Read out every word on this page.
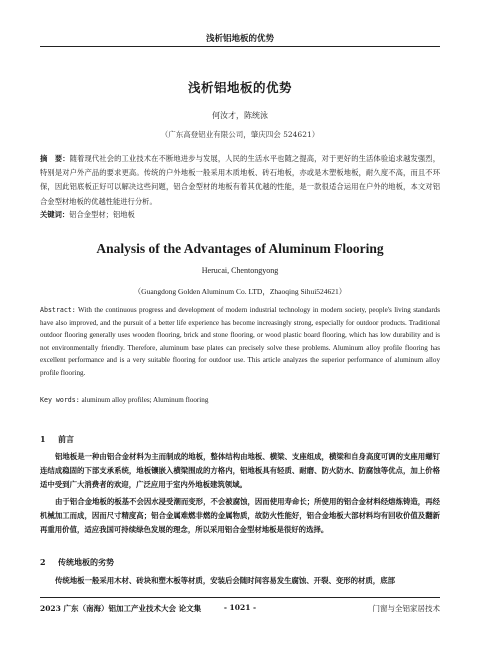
浅析铝地板的优势
浅析铝地板的优势
何汝才，陈统泳
（广东高登铝业有限公司，肇庆四会 524621）
摘　要：随着现代社会的工业技术在不断地进步与发展，人民的生活水平也随之提高，对于更好的生活体验追求越发强烈，特别是对户外产品的要求更高。传统的户外地板一般采用木质地板、砖石地板，亦或是木塑板地板，耐久度不高，而且不环保，因此铝底板正好可以解决这些问题，铝合金型材的地板有着其优越的性能，是一款很适合运用在户外的地板，本文对铝合金型材地板的优越性能进行分析。
关键词：铝合金型材；铝地板
Analysis of the Advantages of Aluminum Flooring
Herucai, Chentongyong
（Guangdong Golden Aluminum Co. LTD，Zhaoqing Sihui524621）
Abstract: With the continuous progress and development of modern industrial technology in modern society, people's living standards have also improved, and the pursuit of a better life experience has become increasingly strong, especially for outdoor products. Traditional outdoor flooring generally uses wooden flooring, brick and stone flooring, or wood plastic board flooring, which has low durability and is not environmentally friendly. Therefore, aluminum base plates can precisely solve these problems. Aluminum alloy profile flooring has excellent performance and is a very suitable flooring for outdoor use. This article analyzes the superior performance of aluminum alloy profile flooring.
Key words: aluminum alloy profiles; Aluminum flooring
1 前言
铝地板是一种由铝合金材料为主而制成的地板，整体结构由地板、横梁、支座组成，横梁和自身高度可调的支座用螺钉连结成稳固的下部支承系统，地板镶嵌入横梁围成的方格内，铝地板具有轻质、耐磨、防火防水、防腐蚀等优点，加上价格适中受到广大消费者的欢迎，广泛应用于室内外地板建筑领域。
由于铝合金地板的板基不会因水浸受潮而变形，不会被腐蚀，因而使用寿命长；所使用的铝合金材料经熔炼铸造，再经机械加工而成，因而尺寸精度高；铝合金属难燃非燃的金属物质，故防火性能好，铝合金地板大部材料均有回收价值及翻新再重用价值，适应我国可持续绿色发展的理念，所以采用铝合金型材地板是很好的选择。
2 传统地板的劣势
传统地板一般采用木材、砖块和塑木板等材质，安装后会随时间容易发生腐蚀、开裂、变形的材质，底部
2023 广东（南海）铝加工产业技术大会 论文集	- 1021 -	门窗与全铝家居技术
